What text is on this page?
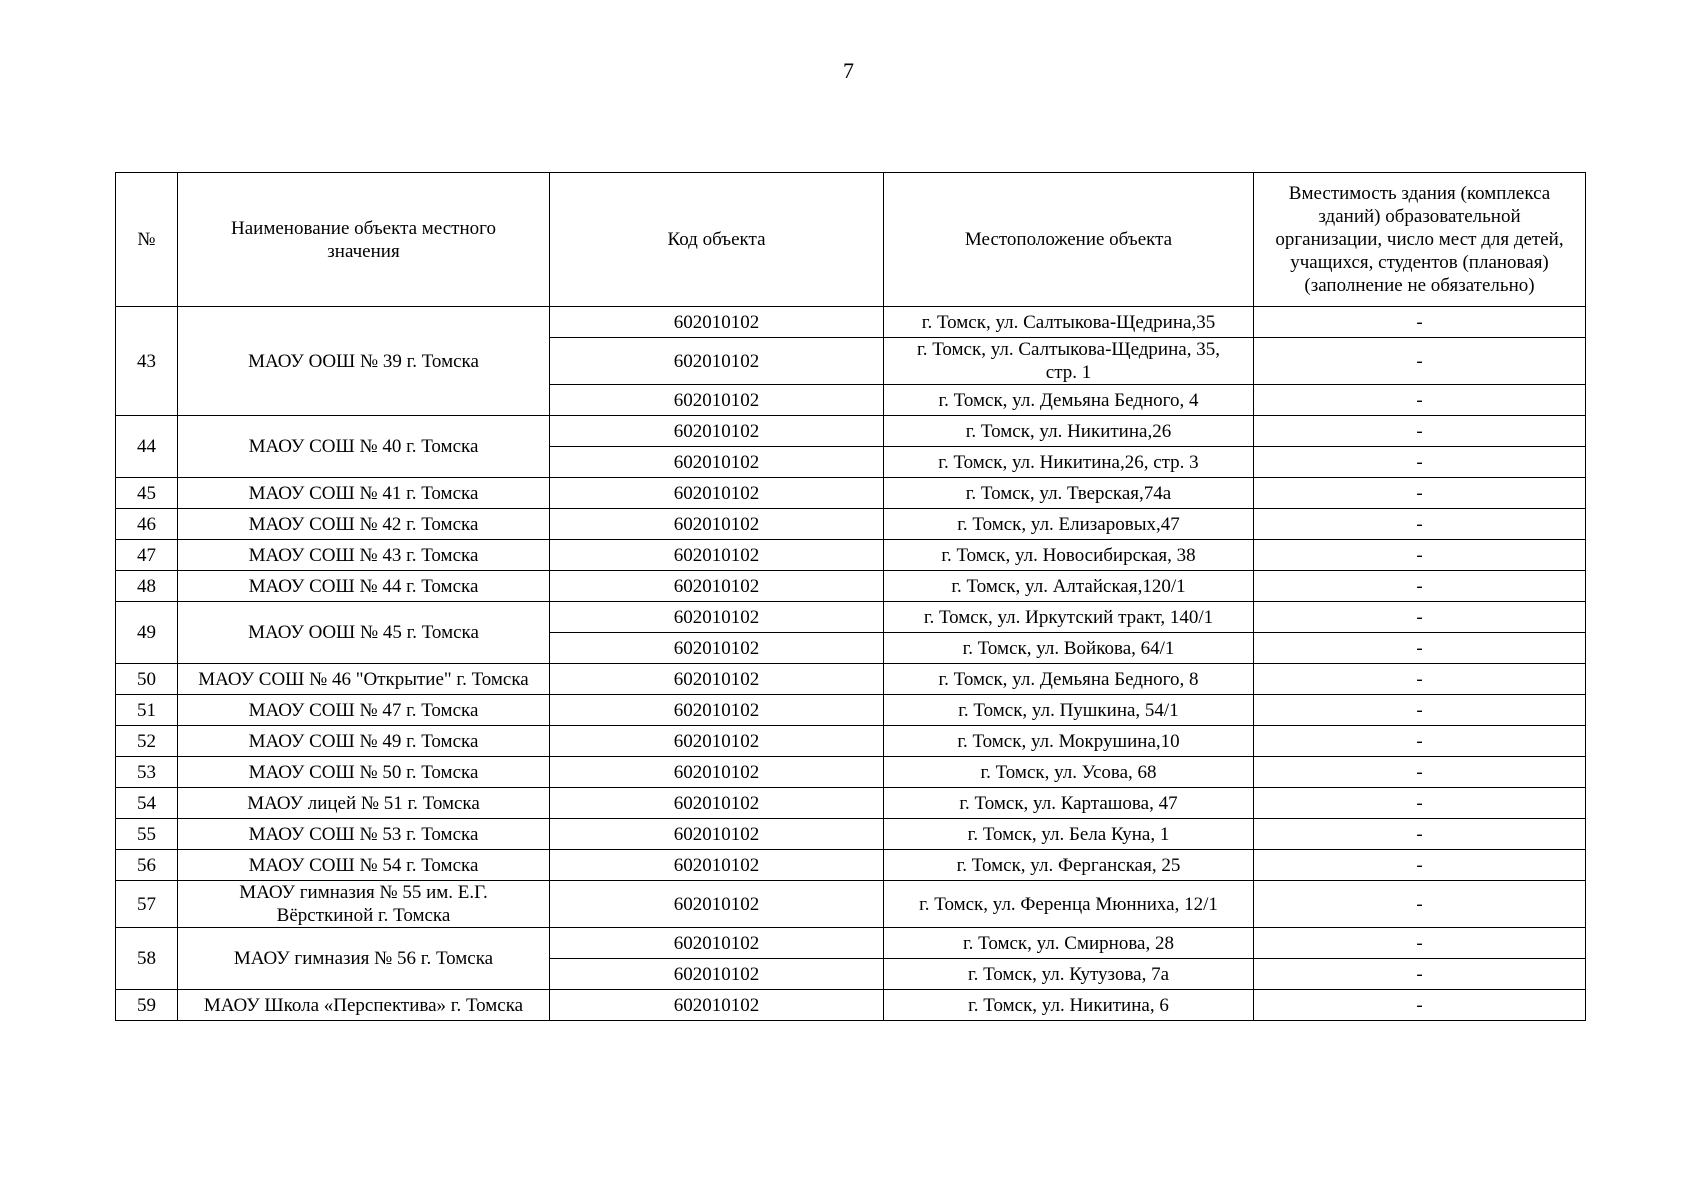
7
№	Наименование объекта местного значения	Код объекта	Местоположение объекта	Вместимость здания (комплекса зданий) образовательной организации, число мест для детей, учащихся, студентов (плановая) (заполнение не обязательно)
43	МАОУ ООШ № 39 г. Томска	602010102	г. Томск, ул. Салтыкова-Щедрина,35	-
		602010102	г. Томск, ул. Салтыкова-Щедрина, 35, стр. 1	-
		602010102	г. Томск, ул. Демьяна Бедного, 4	-
44	МАОУ СОШ № 40 г. Томска	602010102	г. Томск, ул. Никитина,26	-
		602010102	г. Томск, ул. Никитина,26, стр. 3	-
45	МАОУ СОШ № 41 г. Томска	602010102	г. Томск, ул. Тверская,74а	-
46	МАОУ СОШ № 42 г. Томска	602010102	г. Томск, ул. Елизаровых,47	-
47	МАОУ СОШ № 43 г. Томска	602010102	г. Томск, ул. Новосибирская, 38	-
48	МАОУ СОШ № 44 г. Томска	602010102	г. Томск, ул. Алтайская,120/1	-
49	МАОУ ООШ № 45 г. Томска	602010102	г. Томск, ул. Иркутский тракт, 140/1	-
		602010102	г. Томск, ул. Войкова, 64/1	-
50	МАОУ СОШ № 46 "Открытие" г. Томска	602010102	г. Томск, ул. Демьяна Бедного, 8	-
51	МАОУ СОШ № 47 г. Томска	602010102	г. Томск, ул. Пушкина, 54/1	-
52	МАОУ СОШ № 49 г. Томска	602010102	г. Томск, ул. Мокрушина,10	-
53	МАОУ СОШ № 50 г. Томска	602010102	г. Томск, ул. Усова, 68	-
54	МАОУ лицей № 51 г. Томска	602010102	г. Томск, ул. Карташова, 47	-
55	МАОУ СОШ № 53 г. Томска	602010102	г. Томск, ул. Бела Куна, 1	-
56	МАОУ СОШ № 54 г. Томска	602010102	г. Томск, ул. Ферганская, 25	-
57	МАОУ гимназия № 55 им. Е.Г. Вёрсткиной г. Томска	602010102	г. Томск, ул. Ференца Мюнниха, 12/1	-
58	МАОУ гимназия № 56 г. Томска	602010102	г. Томск, ул. Смирнова, 28	-
		602010102	г. Томск, ул. Кутузова, 7а	-
59	МАОУ Школа «Перспектива» г. Томска	602010102	г. Томск, ул. Никитина, 6	-
